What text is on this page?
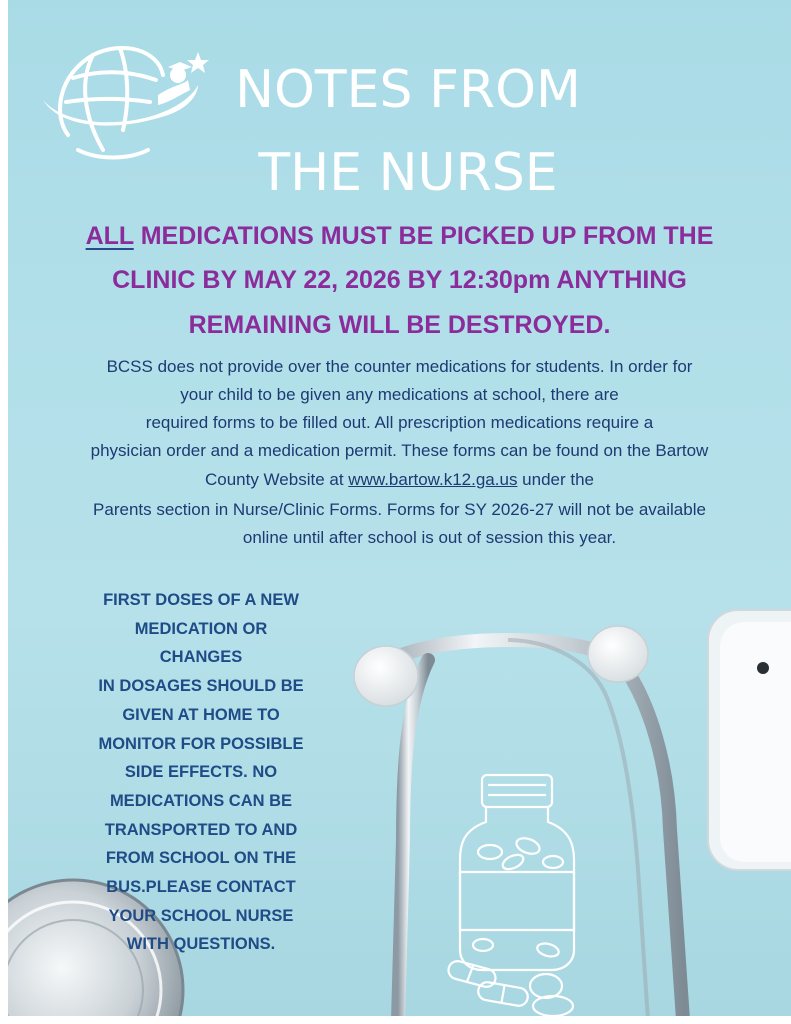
NOTES FROM
THE NURSE
ALL MEDICATIONS MUST BE PICKED UP FROM THE
CLINIC BY MAY 22, 2026 BY 12:30pm ANYTHING
REMAINING WILL BE DESTROYED.
BCSS does not provide over the counter medications for students. In order for
your child to be given any medications at school, there are
required forms to be filled out. All prescription medications require a
physician order and a medication permit. These forms can be found on the Bartow
County Website at www.bartow.k12.ga.us under the
Parents section in Nurse/Clinic Forms. Forms for SY 2026-27 will not be available
online until after school is out of session this year.
FIRST DOSES OF A NEW
MEDICATION OR
CHANGES
IN DOSAGES SHOULD BE
GIVEN AT HOME TO
MONITOR FOR POSSIBLE
SIDE EFFECTS. NO
MEDICATIONS CAN BE
TRANSPORTED TO AND
FROM SCHOOL ON THE
BUS.PLEASE CONTACT
YOUR SCHOOL NURSE
WITH QUESTIONS.
